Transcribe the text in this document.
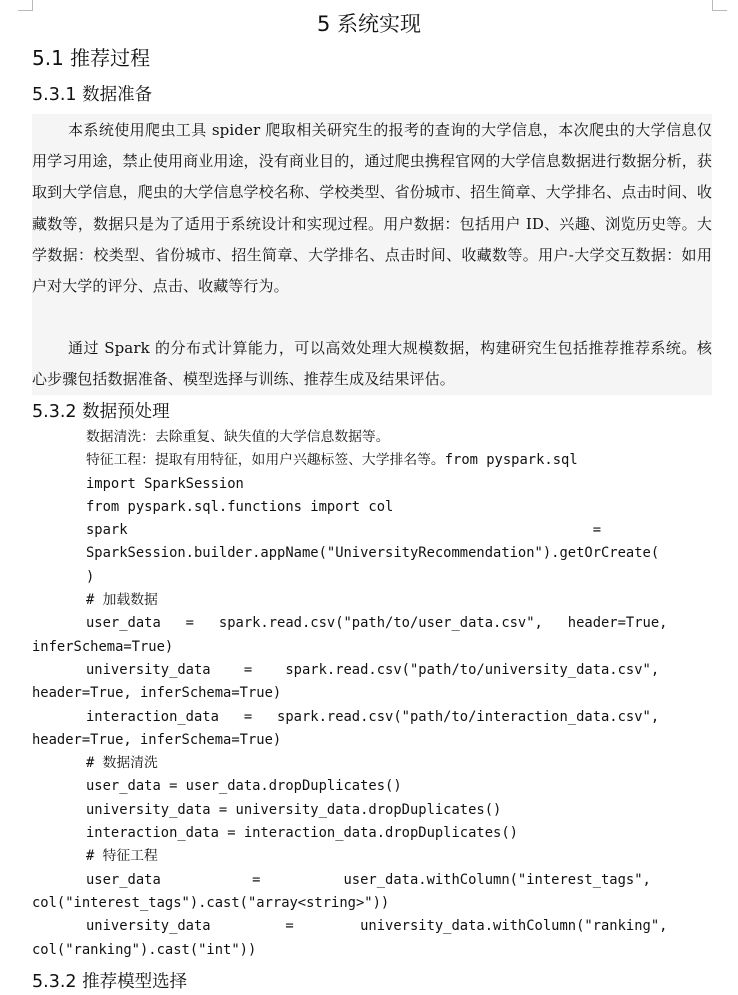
5 系统实现
5.1 推荐过程
5.3.1 数据准备

本系统使用爬虫工具 spider 爬取相关研究生的报考的查询的大学信息，本次爬虫的大学信息仅用学习用途，禁止使用商业用途，没有商业目的，通过爬虫携程官网的大学信息数据进行数据分析，获取到大学信息，爬虫的大学信息学校名称、学校类型、省份城市、招生简章、大学排名、点击时间、收藏数等，数据只是为了适用于系统设计和实现过程。用户数据：包括用户 ID、兴趣、浏览历史等。大学数据：校类型、省份城市、招生简章、大学排名、点击时间、收藏数等。用户-大学交互数据：如用户对大学的评分、点击、收藏等行为。

通过 Spark 的分布式计算能力，可以高效处理大规模数据，构建研究生包括推荐推荐系统。核心步骤包括数据准备、模型选择与训练、推荐生成及结果评估。

5.3.2 数据预处理
数据清洗：去除重复、缺失值的大学信息数据等。
特征工程：提取有用特征，如用户兴趣标签、大学排名等。from pyspark.sql
import SparkSession
from pyspark.sql.functions import col
spark                                                        =
SparkSession.builder.appName("UniversityRecommendation").getOrCreate(
)
# 加载数据
user_data   =   spark.read.csv("path/to/user_data.csv",   header=True,
inferSchema=True)
university_data    =    spark.read.csv("path/to/university_data.csv",
header=True, inferSchema=True)
interaction_data   =   spark.read.csv("path/to/interaction_data.csv",
header=True, inferSchema=True)
# 数据清洗
user_data = user_data.dropDuplicates()
university_data = university_data.dropDuplicates()
interaction_data = interaction_data.dropDuplicates()
# 特征工程
user_data           =          user_data.withColumn("interest_tags",
col("interest_tags").cast("array<string>"))
university_data         =        university_data.withColumn("ranking",
col("ranking").cast("int"))
5.3.2 推荐模型选择
